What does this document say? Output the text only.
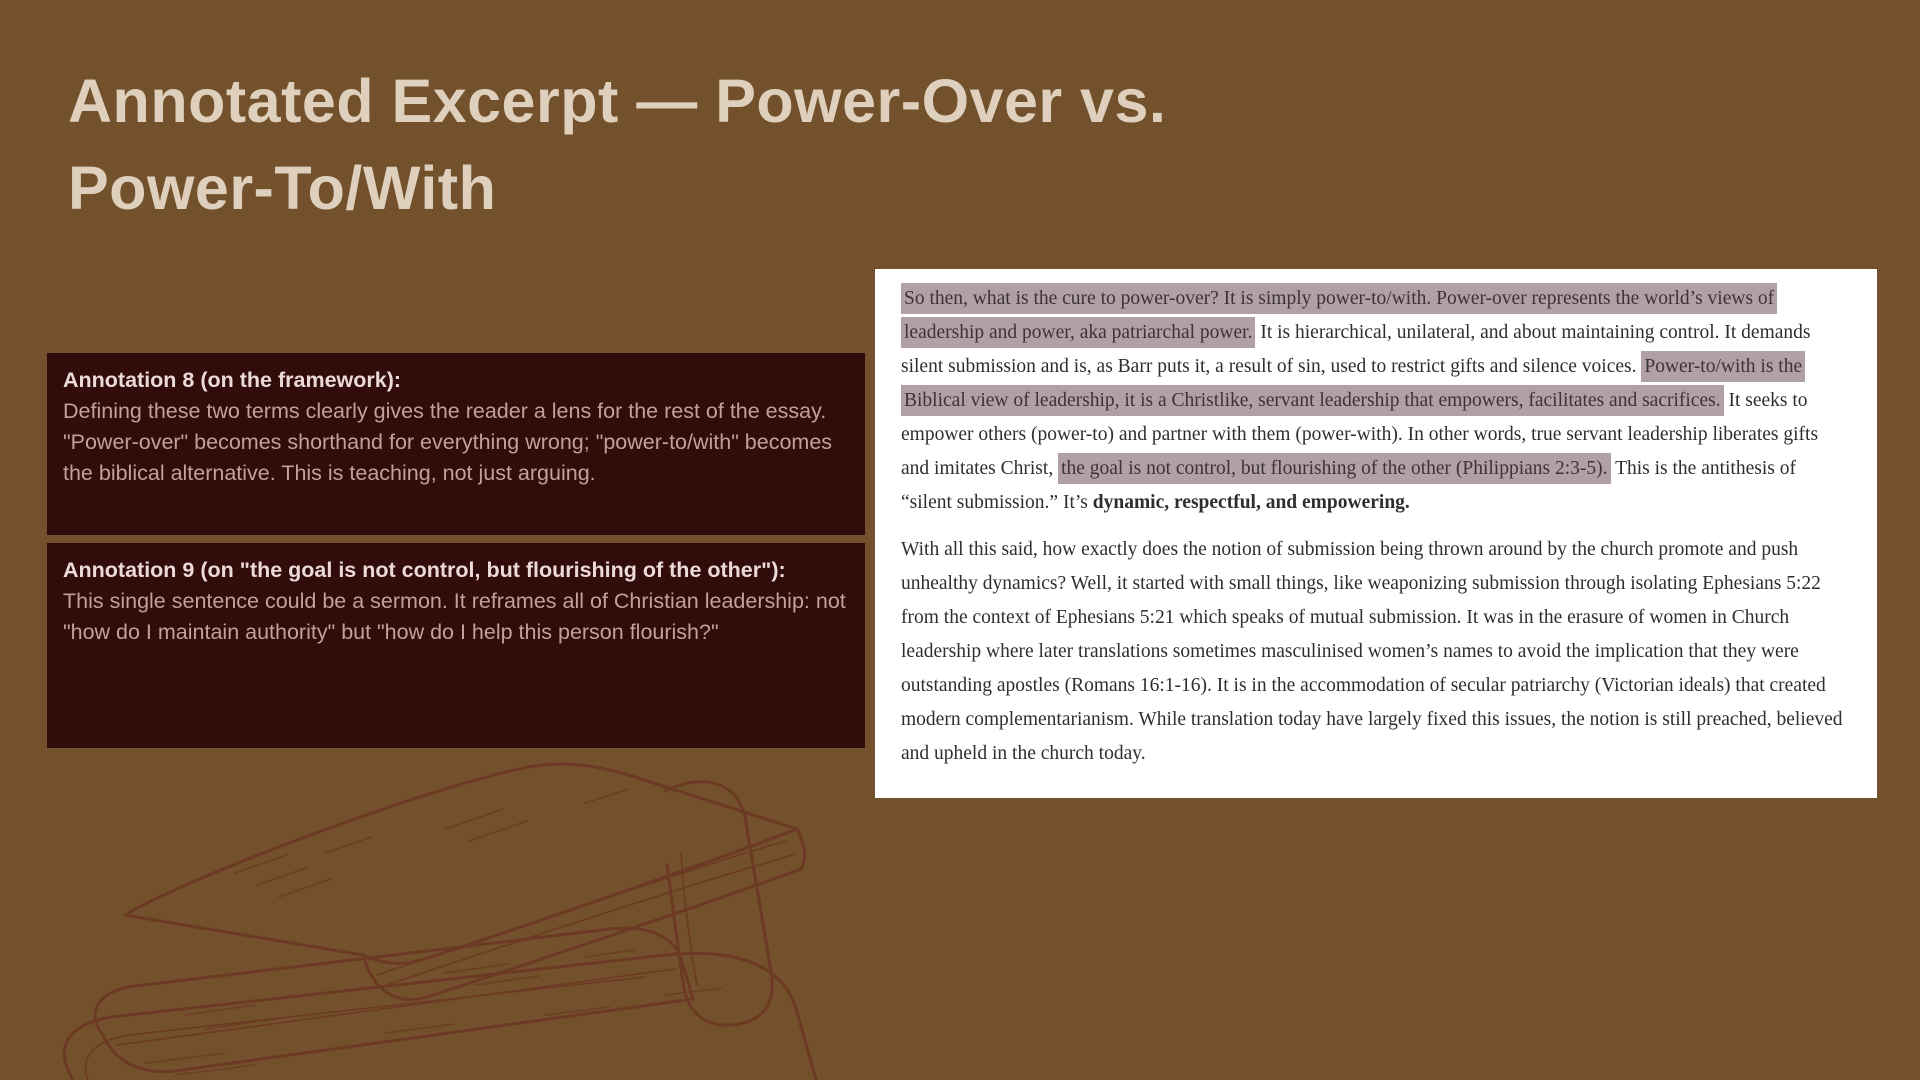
Annotated Excerpt — Power-Over vs. Power-To/With
Annotation 8 (on the framework):
Defining these two terms clearly gives the reader a lens for the rest of the essay. "Power-over" becomes shorthand for everything wrong; "power-to/with" becomes the biblical alternative. This is teaching, not just arguing.
Annotation 9 (on "the goal is not control, but flourishing of the other"):
This single sentence could be a sermon. It reframes all of Christian leadership: not "how do I maintain authority" but "how do I help this person flourish?"

So then, what is the cure to power-over? It is simply power-to/with. Power-over represents the world’s views of leadership and power, aka patriarchal power. It is hierarchical, unilateral, and about maintaining control. It demands silent submission and is, as Barr puts it, a result of sin, used to restrict gifts and silence voices. Power-to/with is the Biblical view of leadership, it is a Christlike, servant leadership that empowers, facilitates and sacrifices. It seeks to empower others (power-to) and partner with them (power-with). In other words, true servant leadership liberates gifts and imitates Christ, the goal is not control, but flourishing of the other (Philippians 2:3-5). This is the antithesis of “silent submission.” It’s dynamic, respectful, and empowering.

With all this said, how exactly does the notion of submission being thrown around by the church promote and push unhealthy dynamics? Well, it started with small things, like weaponizing submission through isolating Ephesians 5:22 from the context of Ephesians 5:21 which speaks of mutual submission. It was in the erasure of women in Church leadership where later translations sometimes masculinised women’s names to avoid the implication that they were outstanding apostles (Romans 16:1-16). It is in the accommodation of secular patriarchy (Victorian ideals) that created modern complementarianism. While translation today have largely fixed this issues, the notion is still preached, believed and upheld in the church today.
